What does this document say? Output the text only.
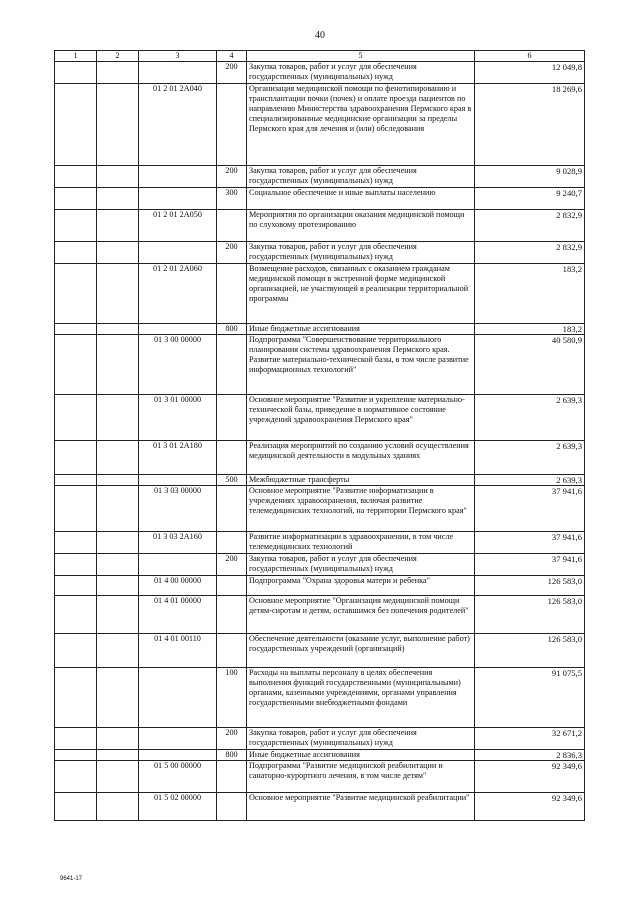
40
1	2	3	4	5	6
			200	Закупка товаров, работ и услуг для обеспечения государственных (муниципальных) нужд	12 049,8
		01 2 01 2А040		Организация медицинской помощи по фенотипированию и трансплантации почки (почек) и оплате проезда пациентов по направлению Министерства здравоохранения Пермского края в специализированные медицинские организации за пределы Пермского края для лечения и (или) обследования	18 269,6
			200	Закупка товаров, работ и услуг для обеспечения государственных (муниципальных) нужд	9 028,9
			300	Социальное обеспечение и иные выплаты населению	9 240,7
		01 2 01 2А050		Мероприятия по организации оказания медицинской помощи по слуховому протезированию	2 832,9
			200	Закупка товаров, работ и услуг для обеспечения государственных (муниципальных) нужд	2 832,9
		01 2 01 2А060		Возмещение расходов, связанных с оказанием гражданам медицинской помощи в экстренной форме медицинской организацией, не участвующей в реализации территориальной программы	183,2
			800	Иные бюджетные ассигнования	183,2
		01 3 00 00000		Подпрограмма "Совершенствование территориального планирования системы здравоохранения Пермского края. Развитие материально-технической базы, в том числе развитие информационных технологий"	40 580,9
		01 3 01 00000		Основное мероприятие "Развитие и укрепление материально-технической базы, приведение в нормативное состояние учреждений здравоохранения Пермского края"	2 639,3
		01 3 01 2А180		Реализация мероприятий по созданию условий осуществления медицинской деятельности в модульных зданиях	2 639,3
			500	Межбюджетные трансферты	2 639,3
		01 3 03 00000		Основное мероприятие "Развитие информатизации в учреждениях здравоохранения, включая развитие телемедицинских технологий, на территории Пермского края"	37 941,6
		01 3 03 2А160		Развитие информатизации в здравоохранении, в том числе телемедицинских технологий	37 941,6
			200	Закупка товаров, работ и услуг для обеспечения государственных (муниципальных) нужд	37 941,6
		01 4 00 00000		Подпрограмма "Охрана здоровья матери и ребенка"	126 583,0
		01 4 01 00000		Основное мероприятие "Организация медицинской помощи детям-сиротам и детям, оставшимся без попечения родителей"	126 583,0
		01 4 01 00110		Обеспечение деятельности (оказание услуг, выполнение работ) государственных учреждений (организаций)	126 583,0
			100	Расходы на выплаты персоналу в целях обеспечения выполнения функций государственными (муниципальными) органами, казенными учреждениями, органами управления государственными внебюджетными фондами	91 075,5
			200	Закупка товаров, работ и услуг для обеспечения государственных (муниципальных) нужд	32 671,2
			800	Иные бюджетные ассигнования	2 836,3
		01 5 00 00000		Подпрограмма "Развитие медицинской реабилитации и санаторно-курортного лечения, в том числе детям"	92 349,6
		01 5 02 00000		Основное мероприятие "Развитие медицинской реабилитации"	92 349,6
9641-17
